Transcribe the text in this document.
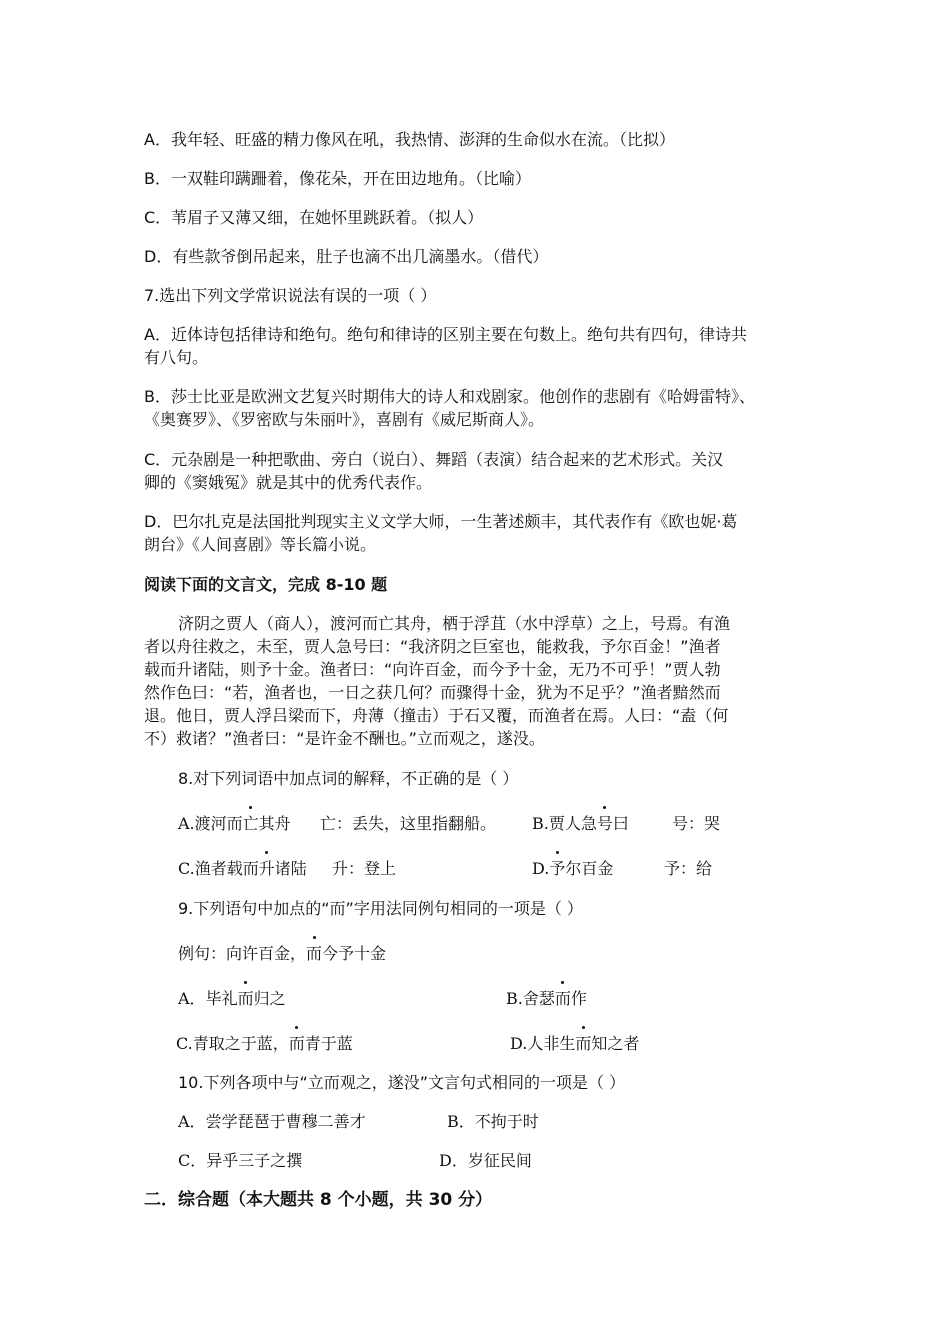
A．我年轻、旺盛的精力像风在吼，我热情、澎湃的生命似水在流。（比拟）
B．一双鞋印蹒跚着，像花朵，开在田边地角。（比喻）
C．苇眉子又薄又细，在她怀里跳跃着。（拟人）
D．有些款爷倒吊起来，肚子也滴不出几滴墨水。（借代）
7.选出下列文学常识说法有误的一项（ ）
A．近体诗包括律诗和绝句。绝句和律诗的区别主要在句数上。绝句共有四句，律诗共
有八句。
B．莎士比亚是欧洲文艺复兴时期伟大的诗人和戏剧家。他创作的悲剧有《哈姆雷特》、
《奥赛罗》、《罗密欧与朱丽叶》，喜剧有《威尼斯商人》。
C．元杂剧是一种把歌曲、旁白（说白）、舞蹈（表演）结合起来的艺术形式。关汉
卿的《窦娥冤》就是其中的优秀代表作。
D．巴尔扎克是法国批判现实主义文学大师，一生著述颇丰，其代表作有《欧也妮·葛
朗台》《人间喜剧》等长篇小说。
阅读下面的文言文，完成 8-10 题
济阴之贾人（商人），渡河而亡其舟，栖于浮苴（水中浮草）之上，号焉。有渔
者以舟往救之，未至，贾人急号曰：“我济阴之巨室也，能救我，予尔百金！”渔者
载而升诸陆，则予十金。渔者曰：“向许百金，而今予十金，无乃不可乎！”贾人勃
然作色曰：“若，渔者也，一日之获几何？而骤得十金，犹为不足乎？”渔者黯然而
退。他日，贾人浮吕梁而下，舟薄（撞击）于石又覆，而渔者在焉。人曰：“盍（何
不）救诸？”渔者曰：“是许金不酬也。”立而观之，遂没。
8.对下列词语中加点词的解释，不正确的是（ ）
A.渡河而亡其舟 亡：丢失，这里指翻船。 B.贾人急号曰	号：哭
C.渔者载而升诸陆 升：登上	D.予尔百金	予：给
9.下列语句中加点的“而”字用法同例句相同的一项是（ ）
例句：向许百金，而今予十金
A．毕礼而归之	B.舍瑟而作
C.青取之于蓝，而青于蓝	D.人非生而知之者
10.下列各项中与“立而观之，遂没”文言句式相同的一项是（ ）
A．尝学琵琶于曹穆二善才	B．不拘于时
C．异乎三子之撰	D．岁征民间
二．综合题（本大题共 8 个小题，共 30 分）
